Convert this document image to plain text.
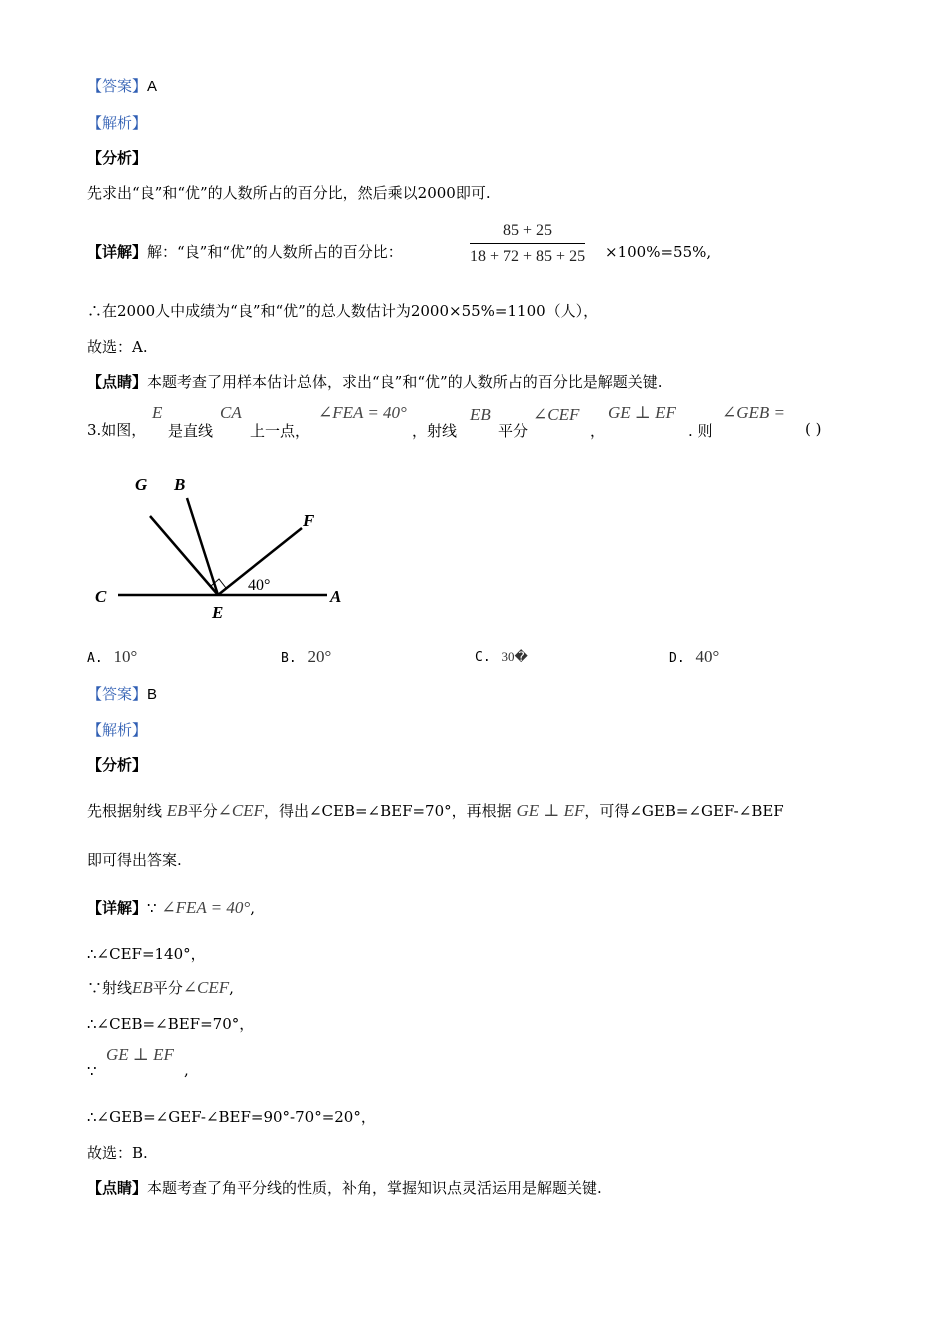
【答案】A
【解析】
【分析】
先求出“良”和“优”的人数所占的百分比，然后乘以2000即可.
【详解】解：“良”和“优”的人数所占的百分比：	$\frac{85 + 25}{18 + 72 + 85 + 25} \times 100\%=55\%$,
∴在2000人中成绩为“良”和“优”的总人数估计为2000×55%=1100（人），
故选：A.
【点睛】本题考查了用样本估计总体，求出“良”和“优”的人数所占的百分比是解题关键.
3.如图，
E
是直线
CA
上一点，
∠FEA = 40°
，射线
EB
平分
∠CEF
，
GE ⊥ EF
. 则
∠GEB =
( )
G B
F
C
E
A
40°
A. 10°	B. 20°	C. 30�	D. 40°
【答案】B
【解析】
【分析】
先根据射线 EB平分∠CEF，得出∠CEB=∠BEF=70°，再根据 GE ⊥ EF，可得∠GEB=∠GEF-∠BEF
即可得出答案.
【详解】∵ ∠FEA = 40°,
∴∠CEF=140°，
∵射线EB平分∠CEF,
∴∠CEB=∠BEF=70°，
∵
GE ⊥ EF
,
∴∠GEB=∠GEF-∠BEF=90°-70°=20°，
故选：B.
【点睛】本题考查了角平分线的性质，补角，掌握知识点灵活运用是解题关键.
